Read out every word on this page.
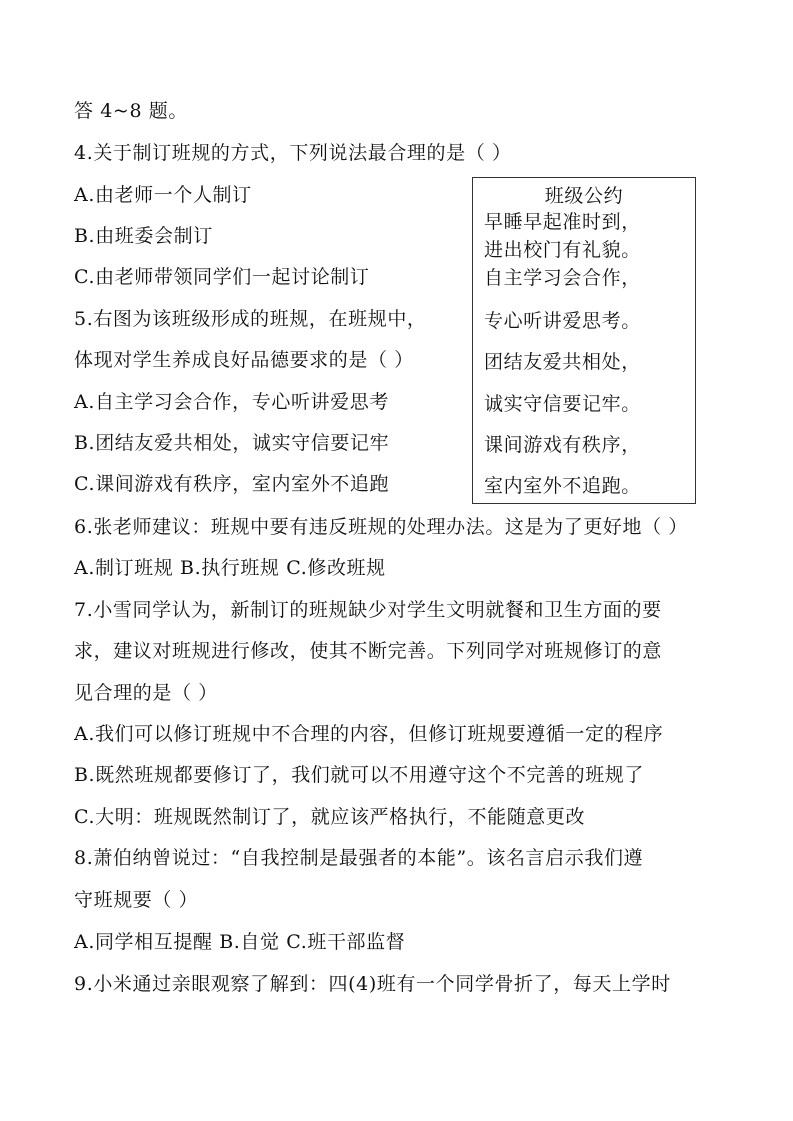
答 4~8 题。
4.关于制订班规的方式，下列说法最合理的是（ ）
A.由老师一个人制订
B.由班委会制订
C.由老师带领同学们一起讨论制订
5.右图为该班级形成的班规，在班规中，
体现对学生养成良好品德要求的是（ ）
A.自主学习会合作，专心听讲爱思考
B.团结友爱共相处，诚实守信要记牢
C.课间游戏有秩序，室内室外不追跑
6.张老师建议：班规中要有违反班规的处理办法。这是为了更好地（ ）
A.制订班规 B.执行班规 C.修改班规
7.小雪同学认为，新制订的班规缺少对学生文明就餐和卫生方面的要
求，建议对班规进行修改，使其不断完善。下列同学对班规修订的意
见合理的是（ ）
A.我们可以修订班规中不合理的内容，但修订班规要遵循一定的程序
B.既然班规都要修订了，我们就可以不用遵守这个不完善的班规了
C.大明：班规既然制订了，就应该严格执行，不能随意更改
8.萧伯纳曾说过：“自我控制是最强者的本能”。该名言启示我们遵
守班规要（ ）
A.同学相互提醒 B.自觉 C.班干部监督
9.小米通过亲眼观察了解到：四(4)班有一个同学骨折了，每天上学时
班级公约
早睡早起准时到，
进出校门有礼貌。
自主学习会合作，
专心听讲爱思考。
团结友爱共相处，
诚实守信要记牢。
课间游戏有秩序，
室内室外不追跑。
